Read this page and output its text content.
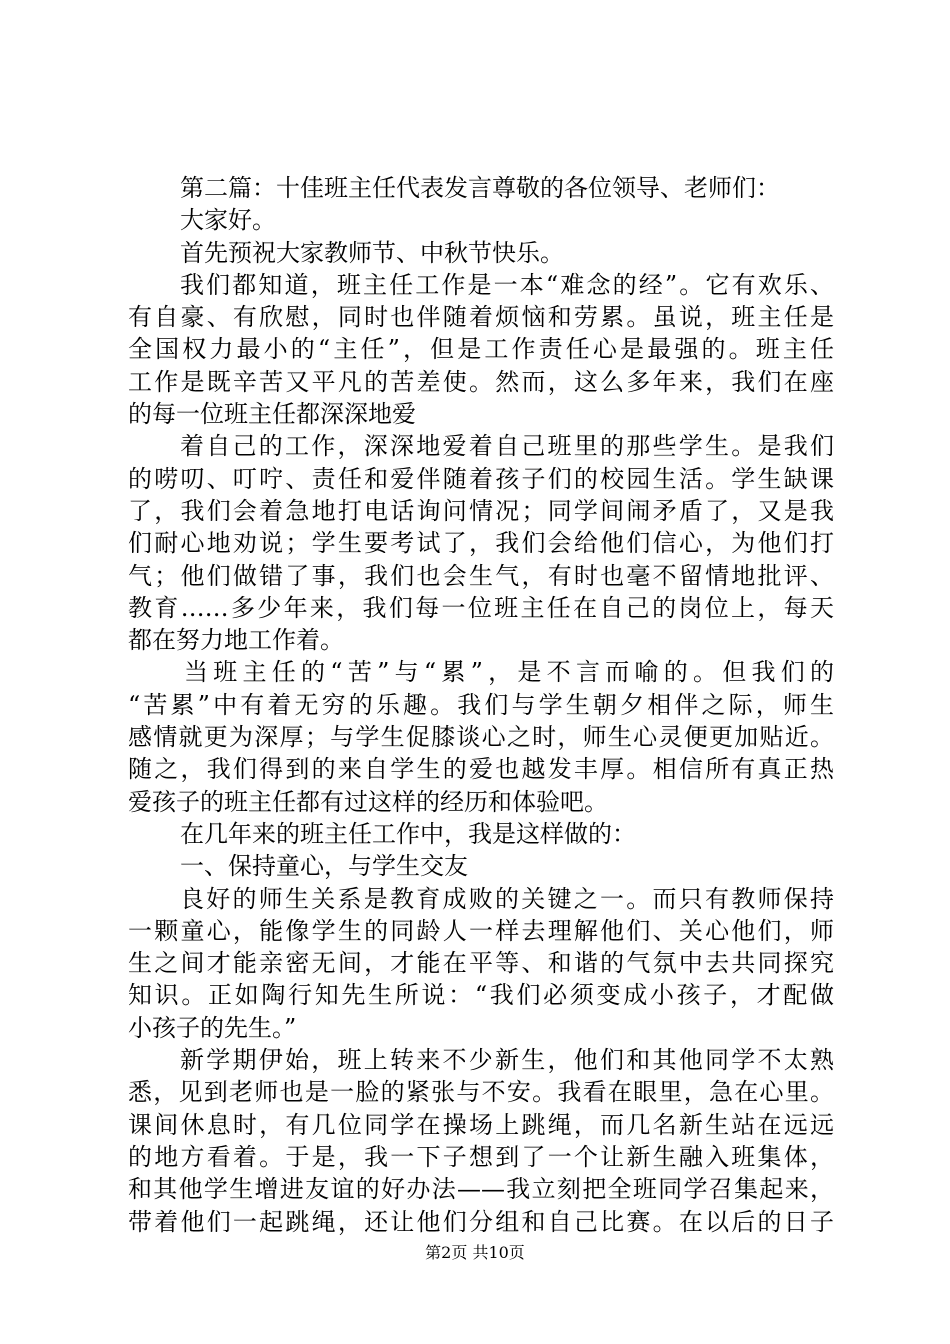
第二篇：十佳班主任代表发言尊敬的各位领导、老师们：
大家好。
首先预祝大家教师节、中秋节快乐。
我们都知道，班主任工作是一本“难念的经”。它有欢乐、
有自豪、有欣慰，同时也伴随着烦恼和劳累。虽说，班主任是
全国权力最小的“主任”，但是工作责任心是最强的。班主任
工作是既辛苦又平凡的苦差使。然而，这么多年来，我们在座
的每一位班主任都深深地爱
着自己的工作，深深地爱着自己班里的那些学生。是我们
的唠叨、叮咛、责任和爱伴随着孩子们的校园生活。学生缺课
了，我们会着急地打电话询问情况；同学间闹矛盾了，又是我
们耐心地劝说；学生要考试了，我们会给他们信心，为他们打
气；他们做错了事，我们也会生气，有时也毫不留情地批评、
教育……多少年来，我们每一位班主任在自己的岗位上，每天
都在努力地工作着。
当班主任的“苦”与“累”，是不言而喻的。但我们的
“苦累”中有着无穷的乐趣。我们与学生朝夕相伴之际，师生
感情就更为深厚；与学生促膝谈心之时，师生心灵便更加贴近。
随之，我们得到的来自学生的爱也越发丰厚。相信所有真正热
爱孩子的班主任都有过这样的经历和体验吧。
在几年来的班主任工作中，我是这样做的：
一、保持童心，与学生交友
良好的师生关系是教育成败的关键之一。而只有教师保持
一颗童心，能像学生的同龄人一样去理解他们、关心他们，师
生之间才能亲密无间，才能在平等、和谐的气氛中去共同探究
知识。正如陶行知先生所说：“我们必须变成小孩子，才配做
小孩子的先生。”
新学期伊始，班上转来不少新生，他们和其他同学不太熟
悉，见到老师也是一脸的紧张与不安。我看在眼里，急在心里。
课间休息时，有几位同学在操场上跳绳，而几名新生站在远远
的地方看着。于是，我一下子想到了一个让新生融入班集体，
和其他学生增进友谊的好办法——我立刻把全班同学召集起来，
带着他们一起跳绳，还让他们分组和自己比赛。在以后的日子
第2页 共10页
